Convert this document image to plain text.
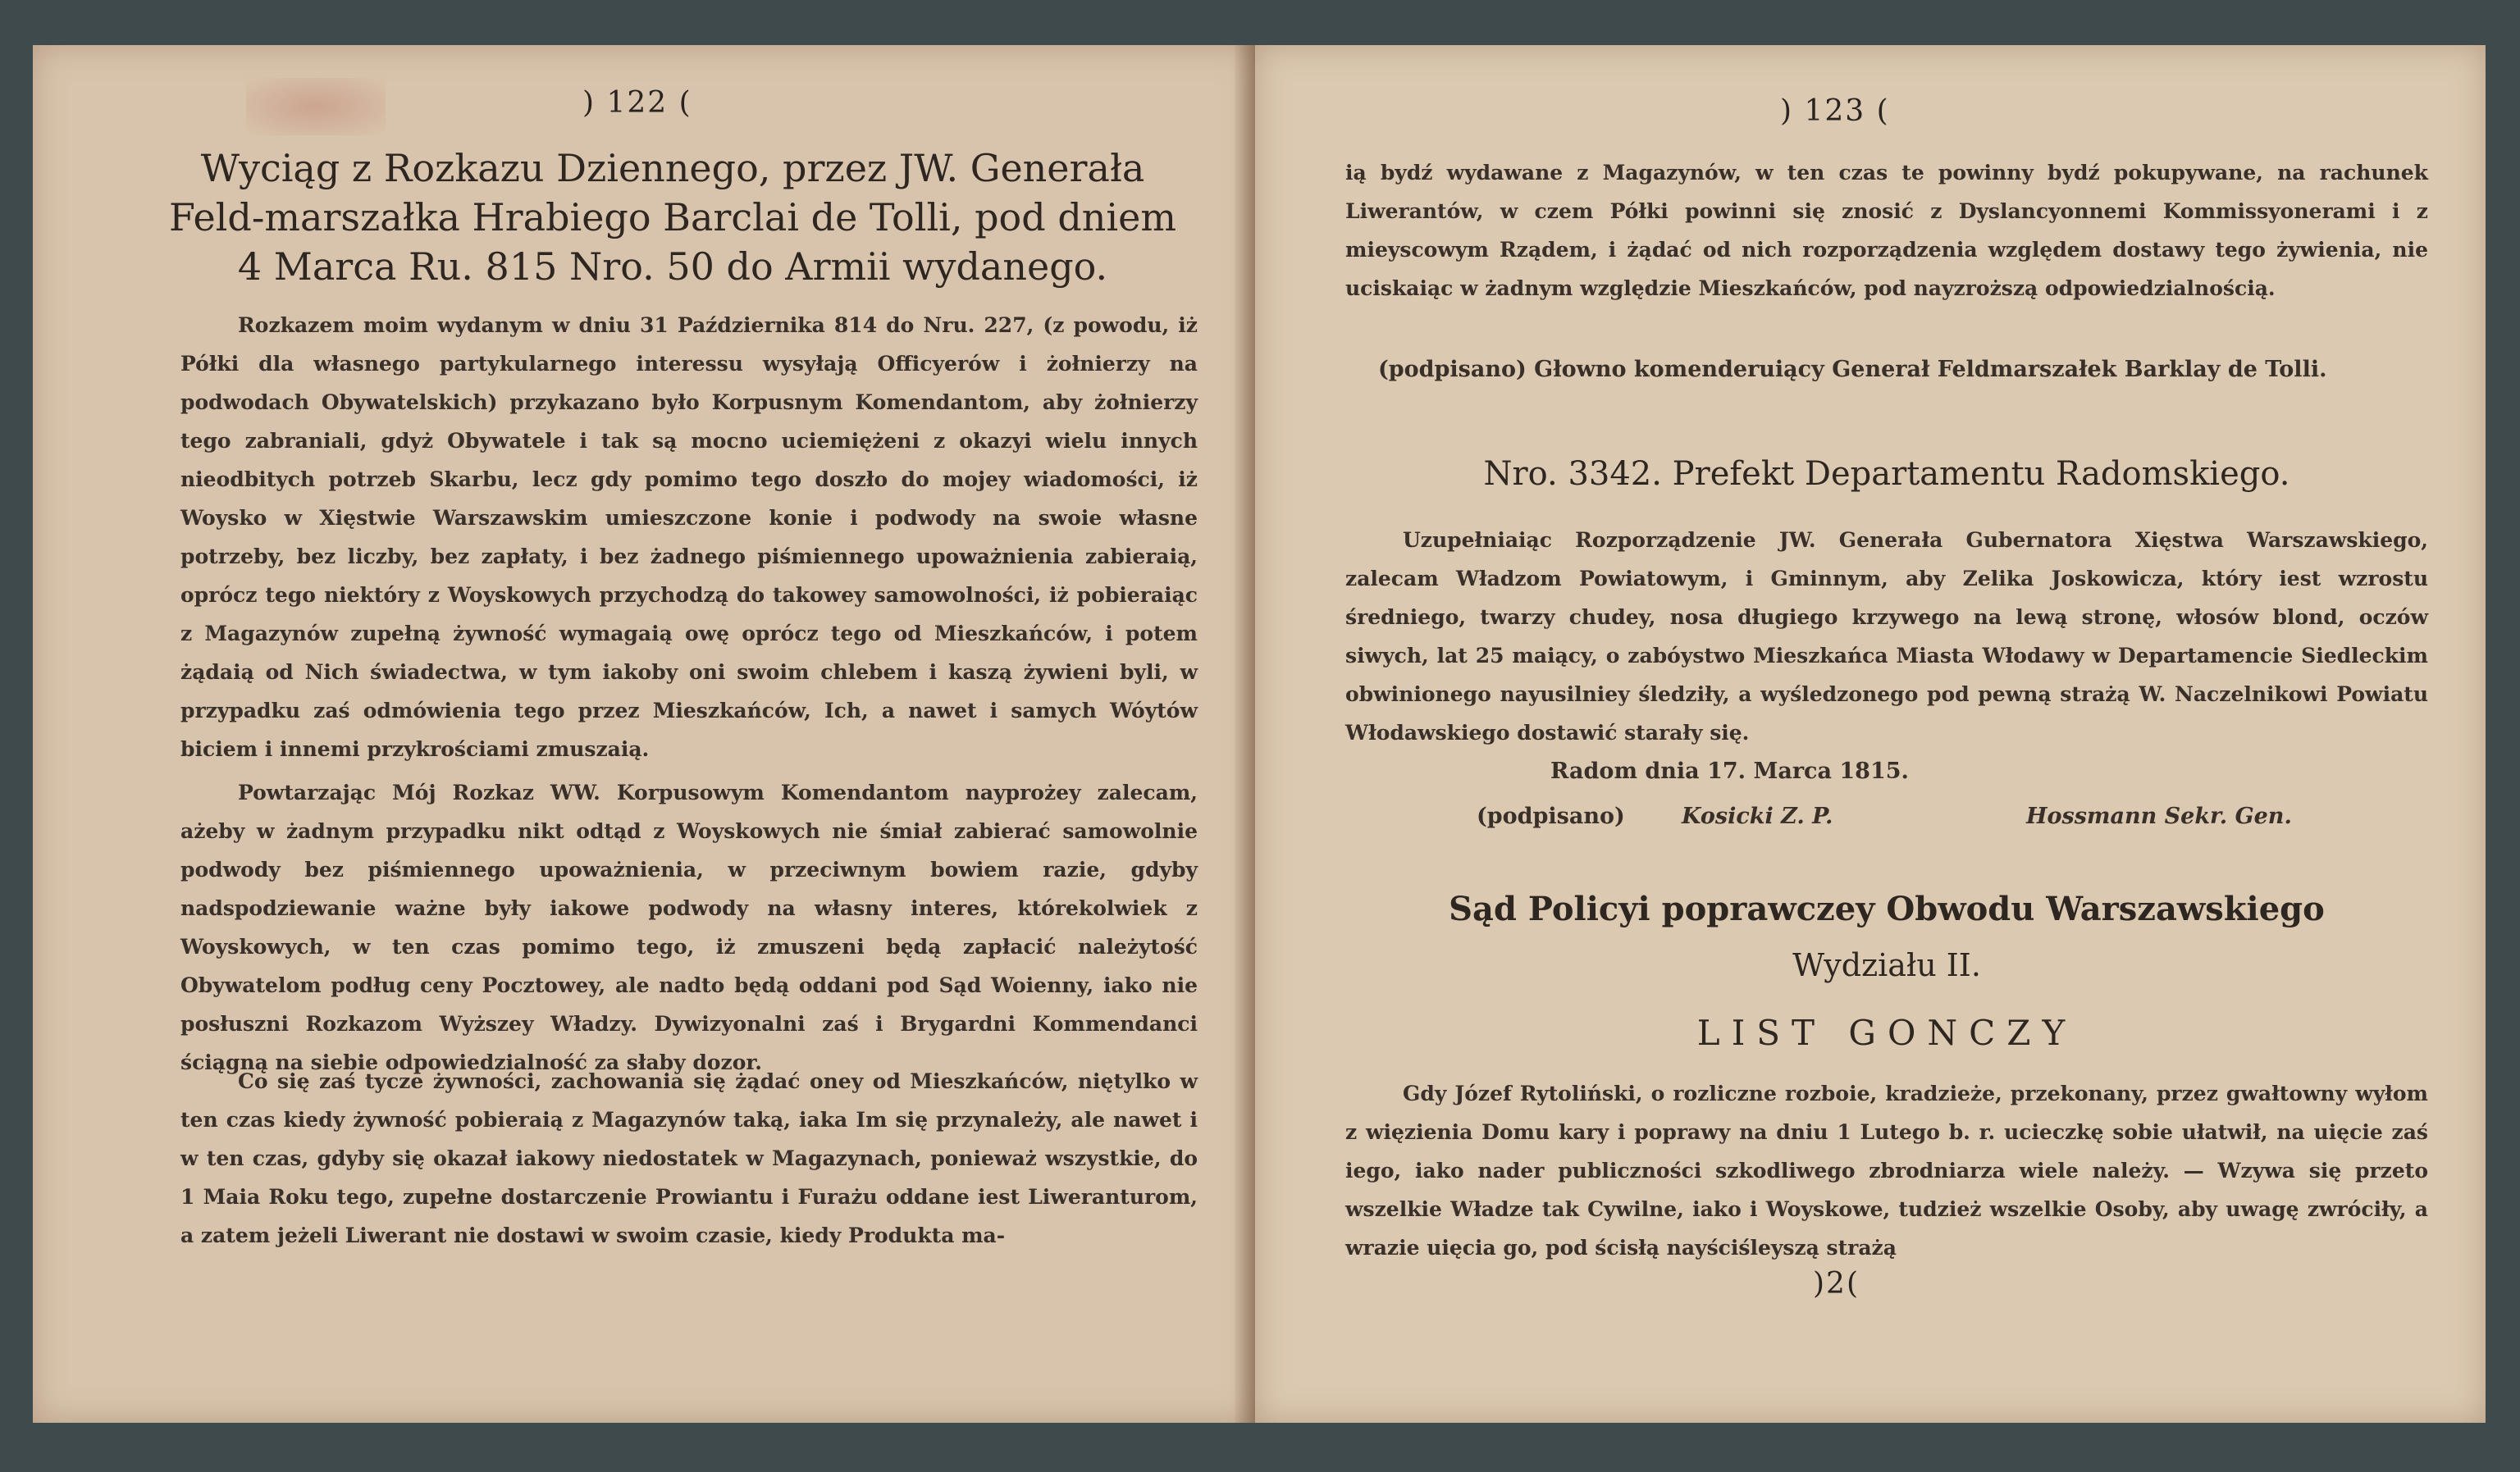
) 122 (
Wyciąg z Rozkazu Dziennego, przez JW. Generała Feld-marszałka Hrabiego Barclai de Tolli, pod dniem 4 Marca Ru. 815 Nro. 50 do Armii wydanego.

Rozkazem moim wydanym w dniu 31 Października 814 do Nru. 227, (z powodu, iż Półki dla własnego partykularnego interessu wysyłają Officyerów i żołnierzy na podwodach Obywatelskich) przykazano było Korpusnym Komendantom, aby żołnierzy tego zabraniali, gdyż Obywatele i tak są mocno uciemiężeni z okazyi wielu innych nieodbitych potrzeb Skarbu, lecz gdy pomimo tego doszło do mojey wiadomości, iż Woysko w Xięstwie Warszawskim umieszczone konie i podwody na swoie własne potrzeby, bez liczby, bez zapłaty, i bez żadnego piśmiennego upoważnienia zabieraią, oprócz tego niektóry z Woyskowych przychodzą do takowey samowolności, iż pobieraiąc z Magazynów zupełną żywność wymagaią owę oprócz tego od Mieszkańców, i potem żądaią od Nich świadectwa, w tym iakoby oni swoim chlebem i kaszą żywieni byli, w przypadku zaś odmówienia tego przez Mieszkańców, Ich, a nawet i samych Wóytów biciem i innemi przykrościami zmuszaią.

Powtarzając Mój Rozkaz WW. Korpusowym Komendantom nayprożey zalecam, ażeby w żadnym przypadku nikt odtąd z Woyskowych nie śmiał zabierać samowolnie podwody bez piśmiennego upoważnienia, w przeciwnym bowiem razie, gdyby nadspodziewanie ważne były iakowe podwody na własny interes, którekolwiek z Woyskowych, w ten czas pomimo tego, iż zmuszeni będą zapłacić należytość Obywatelom podług ceny Pocztowey, ale nadto będą oddani pod Sąd Woienny, iako nie posłuszni Rozkazom Wyższey Władzy. Dywizyonalni zaś i Brygardni Kommendanci ściągną na siebie odpowiedzialność za słaby dozor.

Co się zaś tycze żywności, zachowania się żądać oney od Mieszkańców, niętylko w ten czas kiedy żywność pobieraią z Magazynów taką, iaka Im się przynależy, ale nawet i w ten czas, gdyby się okazał iakowy niedostatek w Magazynach, ponieważ wszystkie, do 1 Maia Roku tego, zupełne dostarczenie Prowiantu i Furażu oddane iest Liweranturom, a zatem jeżeli Liwerant nie dostawi w swoim czasie, kiedy Produkta ma-

) 123 (

ią bydź wydawane z Magazynów, w ten czas te powinny bydź pokupywane, na rachunek Liwerantów, w czem Półki powinni się znosić z Dyslancyonnemi Kommissyonerami i z mieyscowym Rządem, i żądać od nich rozporządzenia względem dostawy tego żywienia, nie uciskaiąc w żadnym względzie Mieszkańców, pod nayzroższą odpowiedzialnością.

(podpisano) Głowno komenderuiący Generał Feldmarszałek Barklay de Tolli.
Nro. 3342. Prefekt Departamentu Radomskiego.

Uzupełniaiąc Rozporządzenie JW. Generała Gubernatora Xięstwa Warszawskiego, zalecam Władzom Powiatowym, i Gminnym, aby Zelika Joskowicza, który iest wzrostu średniego, twarzy chudey, nosa długiego krzywego na lewą stronę, włosów blond, oczów siwych, lat 25 maiący, o zabóystwo Mieszkańca Miasta Włodawy w Departamencie Siedleckim obwinionego nayusilniey śledziły, a wyśledzonego pod pewną strażą W. Naczelnikowi Powiatu Włodawskiego dostawić starały się.

Radom dnia 17. Marca 1815.
(podpisano)	Kosicki Z. P.	Hossmann Sekr. Gen.
Sąd Policyi poprawczey Obwodu Warszawskiego
Wydziału II.
LIST GONCZY

Gdy Józef Rytoliński, o rozliczne rozboie, kradzieże, przekonany, przez gwałtowny wyłom z więzienia Domu kary i poprawy na dniu 1 Lutego b. r. ucieczkę sobie ułatwił, na uięcie zaś iego, iako nader publiczności szkodliwego zbrodniarza wiele należy. — Wzywa się przeto wszelkie Władze tak Cywilne, iako i Woyskowe, tudzież wszelkie Osoby, aby uwagę zwróciły, a wrazie uięcia go, pod ścisłą nayściśleyszą strażą

)2(
